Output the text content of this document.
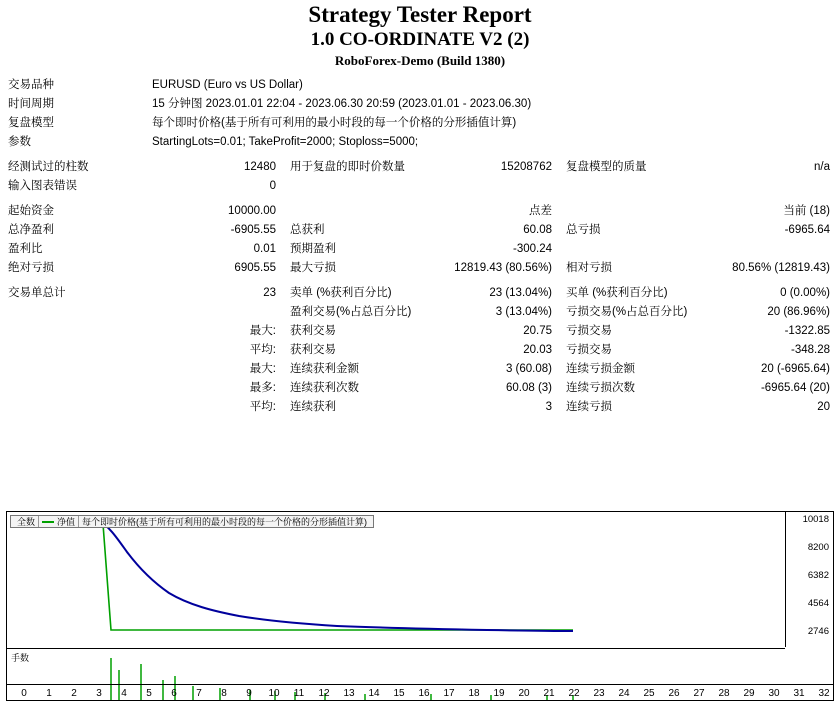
Strategy Tester Report
1.0 CO-ORDINATE V2 (2)
RoboForex-Demo (Build 1380)

交易品种	EURUSD (Euro vs US Dollar)				
时间周期	15 分钟图 2023.01.01 22:04 - 2023.06.30 20:59 (2023.01.01 - 2023.06.30)				
复盘模型	每个即时价格(基于所有可利用的最小时段的每一个价格的分形插值计算)				
参数	StartingLots=0.01; TakeProfit=2000; Stoploss=5000;				

经测试过的柱数	12480	用于复盘的即时价数量	15208762	复盘模型的质量	n/a
输入图表错误	0				

起始资金	10000.00		点差		当前 (18)
总净盈利	-6905.55	总获利	60.08	总亏损	-6965.64
盈利比	0.01	预期盈利	-300.24		
绝对亏损	6905.55	最大亏损	12819.43 (80.56%)	相对亏损	80.56% (12819.43)

交易单总计	23	卖单 (%获利百分比)	23 (13.04%)	买单 (%获利百分比)	0 (0.00%)
		盈利交易(%占总百分比)	3 (13.04%)	亏损交易(%占总百分比)	20 (86.96%)
	最大:	获利交易	20.75	亏损交易	-1322.85
	平均:	获利交易	20.03	亏损交易	-348.28
	最大:	连续获利金额	3 (60.08)	连续亏损金额	20 (-6965.64)
	最多:	连续获利次数	60.08 (3)	连续亏损次数	-6965.64 (20)
	平均:	连续获利	3	连续亏损	20
全数 净值 每个即时价格(基于所有可利用的最小时段的每一个价格的分形插值计算)	10018
8200
6382
4564
2746
手数
0 1 2 3 4 5 6 7 8 9 10 11 12 13 14 15 16 17 18 19 20 21 22 23 24 25 26 27 28 29 30 31 32
